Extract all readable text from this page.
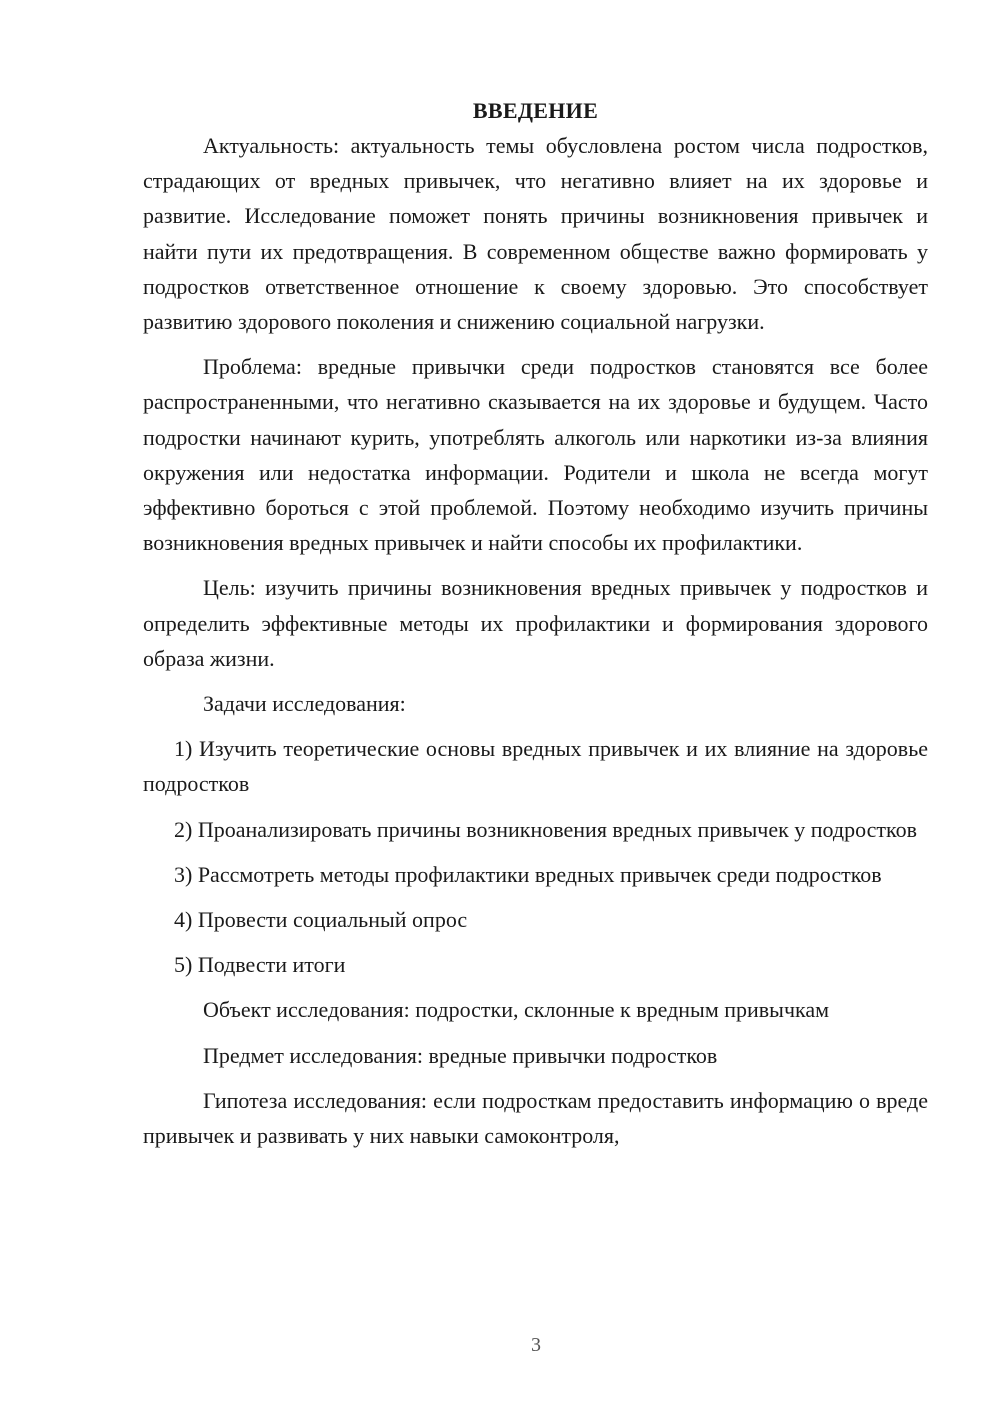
ВВЕДЕНИЕ

Актуальность: актуальность темы обусловлена ростом числа подростков, страдающих от вредных привычек, что негативно влияет на их здоровье и развитие. Исследование поможет понять причины возникновения привычек и найти пути их предотвращения. В современном обществе важно формировать у подростков ответственное отношение к своему здоровью. Это способствует развитию здорового поколения и снижению социальной нагрузки.

Проблема: вредные привычки среди подростков становятся все более распространенными, что негативно сказывается на их здоровье и будущем. Часто подростки начинают курить, употреблять алкоголь или наркотики из-за влияния окружения или недостатка информации. Родители и школа не всегда могут эффективно бороться с этой проблемой. Поэтому необходимо изучить причины возникновения вредных привычек и найти способы их профилактики.

Цель: изучить причины возникновения вредных привычек у подростков и определить эффективные методы их профилактики и формирования здорового образа жизни.

Задачи исследования:

1) Изучить теоретические основы вредных привычек и их влияние на здоровье подростков

2) Проанализировать причины возникновения вредных привычек у подростков

3) Рассмотреть методы профилактики вредных привычек среди подростков

4) Провести социальный опрос

5) Подвести итоги

Объект исследования: подростки, склонные к вредным привычкам

Предмет исследования: вредные привычки подростков

Гипотеза исследования: если подросткам предоставить информацию о вреде привычек и развивать у них навыки самоконтроля,

3
